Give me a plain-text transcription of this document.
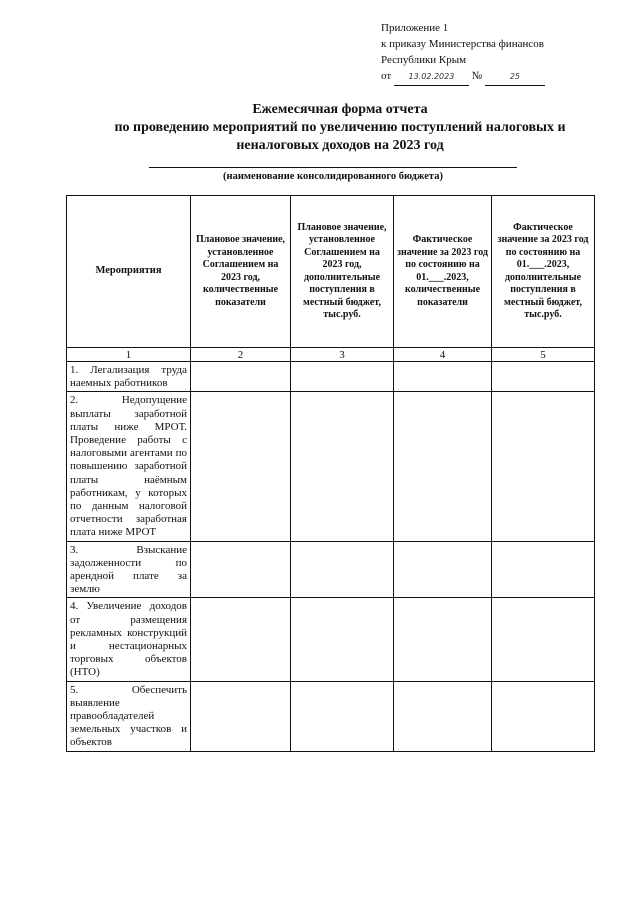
Приложение 1
к приказу Министерства финансов
Республики Крым
от 13.02.2023 №	25
Ежемесячная форма отчета
по проведению мероприятий по увеличению поступлений налоговых и
неналоговых доходов на 2023 год
(наименование консолидированного бюджета)
Мероприятия	Плановое значение, установленное Соглашением на 2023 год, количественные показатели	Плановое значение, установленное Соглашением на 2023 год, дополнительные поступления в местный бюджет, тыс.руб.	Фактическое значение за 2023 год по состоянию на 01.___.2023, количественные показатели	Фактическое значение за 2023 год по состоянию на 01.___.2023, дополнительные поступления в местный бюджет, тыс.руб.
1	2	3	4	5
1. Легализация труда наемных работников				
2. Недопущение выплаты заработной платы ниже МРОТ. Проведение работы с налоговыми агентами по повышению заработной платы наёмным работникам, у которых по данным налоговой отчетности заработная плата ниже МРОТ				
3. Взыскание задолженности по арендной плате за землю				
4. Увеличение доходов от размещения рекламных конструкций и нестационарных торговых объектов (НТО)				
5. Обеспечить выявление правообладателей земельных участков и объектов				
